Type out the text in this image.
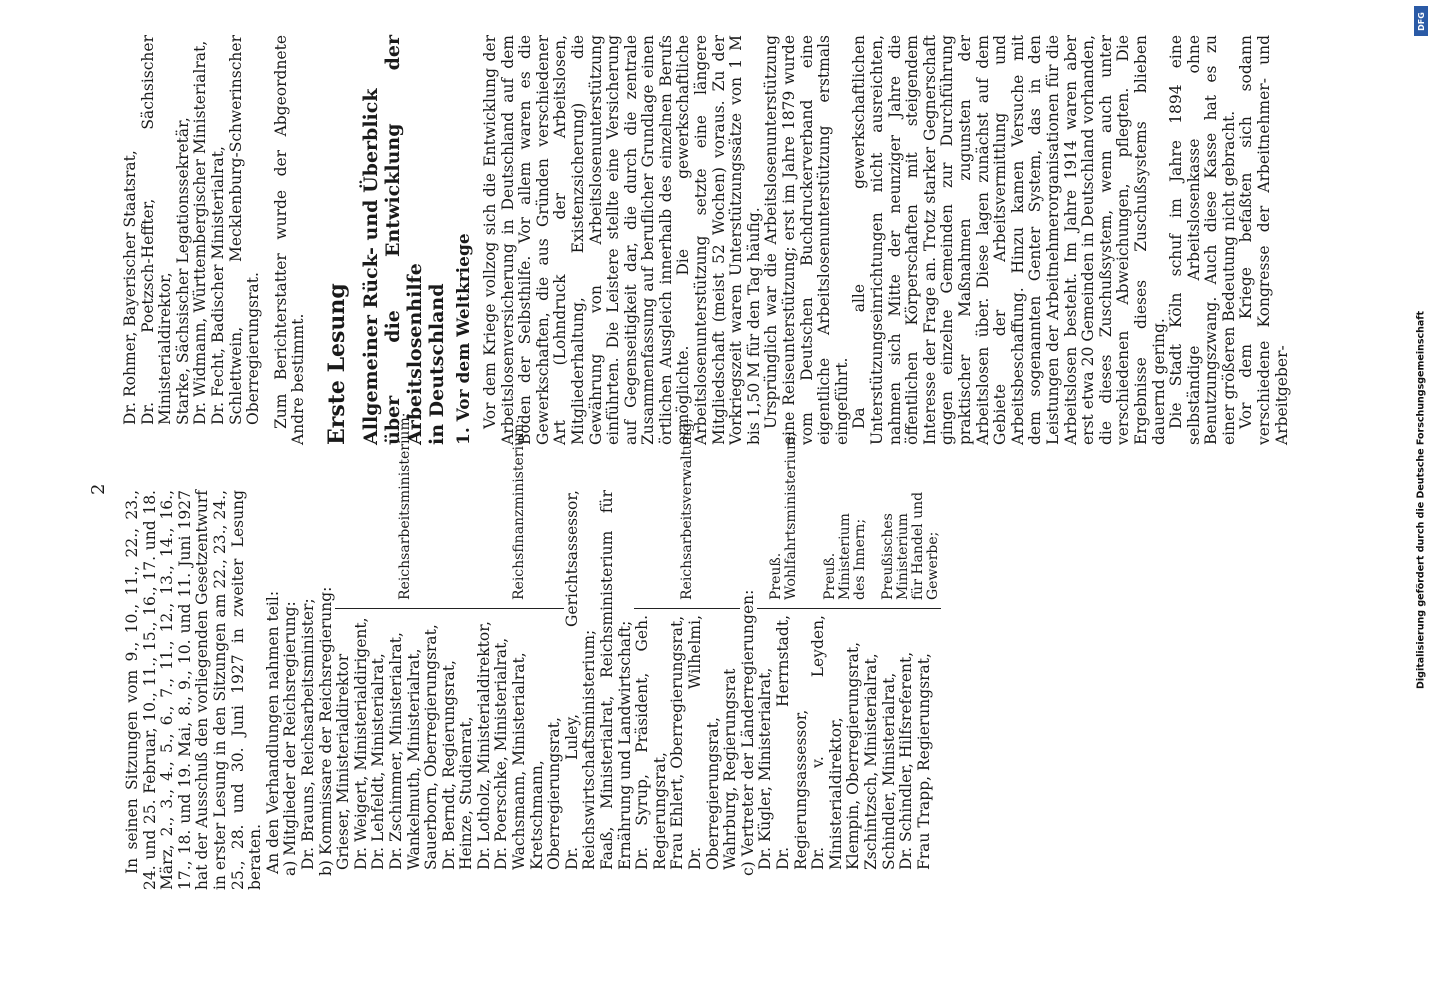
2

In seinen Sitzungen vom 9., 10., 11., 22., 23., 24. und 25. Februar, 10., 11., 15., 16., 17. und 18. März, 2., 3., 4., 5., 6., 7., 11., 12., 13., 14., 16., 17., 18. und 19. Mai, 8., 9., 10. und 11. Juni 1927 hat der Ausschuß den vorliegenden Gesetzentwurf in erster Lesung in den Sitzungen am 22., 23., 24., 25., 28. und 30. Juni 1927 in zweiter Lesung beraten. An den Verhandlungen nahmen teil: a) Mitglieder der Reichsregierung: Dr. Brauns, Reichsarbeitsminister; b) Kommissare der Reichsregierung: Grieser, Ministerialdirektor Dr. Weigert, Ministerialdirigent, Dr. Lehfeldt, Ministerialrat, Dr. Zschimmer, Ministerialrat, Wankelmuth, Ministerialrat, Sauerborn, Oberregierungsrat, Dr. Berndt, Regierungsrat, Heinze, Studienrat,

Reichsarbeitsministerium;

Dr. Lotholz, Ministerialdirektor, Dr. Poerschke, Ministerialrat, Wachsmann, Ministerialrat, Kretschmann, Oberregierungsrat,

Reichsfinanzministerium;	Dr. Luley, Gerichtsassessor, Reichswirtschaftsministerium; Faaß, Ministerialrat, Reichsministerium für Ernährung und Landwirtschaft; Dr. Syrup, Präsident, Geh. Regierungsrat, Frau Ehlert, Oberregierungsrat, Dr. Wilhelmi, Oberregierungsrat, Wahrburg, Regierungsrat

Reichsarbeitsverwaltung;

c) Vertreter der Länderregierungen: Dr. Kügler, Ministerialrat, Dr. Herrnstadt, Regierungsassessor,

Preuß. Wohlfahrtsministerium;

Dr. v. Leyden, Ministerialdirektor, Klempin, Oberregierungsrat, Zschintzsch, Ministerialrat,

Preuß. Ministerium des Innern;

Schindler, Ministerialrat, Dr. Schindler, Hilfsreferent, Frau Trapp, Regierungsrat,

Preußisches Ministerium für Handel und Gewerbe;

Dr. Rohmer, Bayerischer Staatsrat, Dr. Poetzsch-Heffter, Sächsischer Ministerialdirektor, Starke, Sächsischer Legationssekretär, Dr. Widmann, Württembergischer Ministerialrat, Dr. Fecht, Badischer Ministerialrat, Schlettwein, Mecklenburg-Schwerinscher Oberregierungsrat. Zum Berichterstatter wurde der Abgeordnete Andre bestimmt. Erste Lesung Allgemeiner Rück- und Überblick über die Entwicklung der Arbeitslosenhilfe in Deutschland 1. Vor dem Weltkriege Vor dem Kriege vollzog sich die Entwicklung der Arbeitslosenversicherung in Deutschland auf dem Boden der Selbsthilfe. Vor allem waren es die Gewerkschaften, die aus Gründen verschiedener Art (Lohndruck der Arbeitslosen, Mitgliederhaltung, Existenzsicherung) die Gewährung von Arbeitslosenunterstützung einführten. Die Leistere stellte eine Versicherung auf Gegenseitigkeit dar, die durch die zentrale Zusammenfassung auf beruflicher Grundlage einen örtlichen Ausgleich innerhalb des einzelnen Berufs ermöglichte. Die gewerkschaftliche Arbeitslosenunterstützung setzte eine längere Mitgliedschaft (meist 52 Wochen) voraus. Zu der Vorkriegszeit waren Unterstützungssätze von 1 M bis 1,50 M für den Tag häufig. Ursprünglich war die Arbeitslosenunterstützung eine Reiseunterstützung; erst im Jahre 1879 wurde vom Deutschen Buchdruckerverband eine eigentliche Arbeitslosenunterstützung erstmals eingeführt. Da alle gewerkschaftlichen Unterstützungseinrichtungen nicht ausreichten, nahmen sich Mitte der neunziger Jahre die öffentlichen Körperschaften mit steigendem Interesse der Frage an. Trotz starker Gegnerschaft gingen einzelne Gemeinden zur Durchführung praktischer Maßnahmen zugunsten der Arbeitslosen über. Diese lagen zunächst auf dem Gebiete der Arbeitsvermittlung und Arbeitsbeschaffung. Hinzu kamen Versuche mit dem sogenannten Genter System, das in den Leistungen der Arbeitnehmerorganisationen für die Arbeitslosen besteht. Im Jahre 1914 waren aber erst etwa 20 Gemeinden in Deutschland vorhanden, die dieses Zuschußsystem, wenn auch unter verschiedenen Abweichungen, pflegten. Die Ergebnisse dieses Zuschußsystems blieben dauernd gering. Die Stadt Köln schuf im Jahre 1894 eine selbständige Arbeitslosenkasse ohne Benutzungszwang. Auch diese Kasse hat es zu einer größeren Bedeutung nicht gebracht. Vor dem Kriege befaßten sich sodann verschiedene Kongresse der Arbeitnehmer- und Arbeitgeber-

DFG
Digitalisierung gefördert durch die Deutsche Forschungsgemeinschaft
